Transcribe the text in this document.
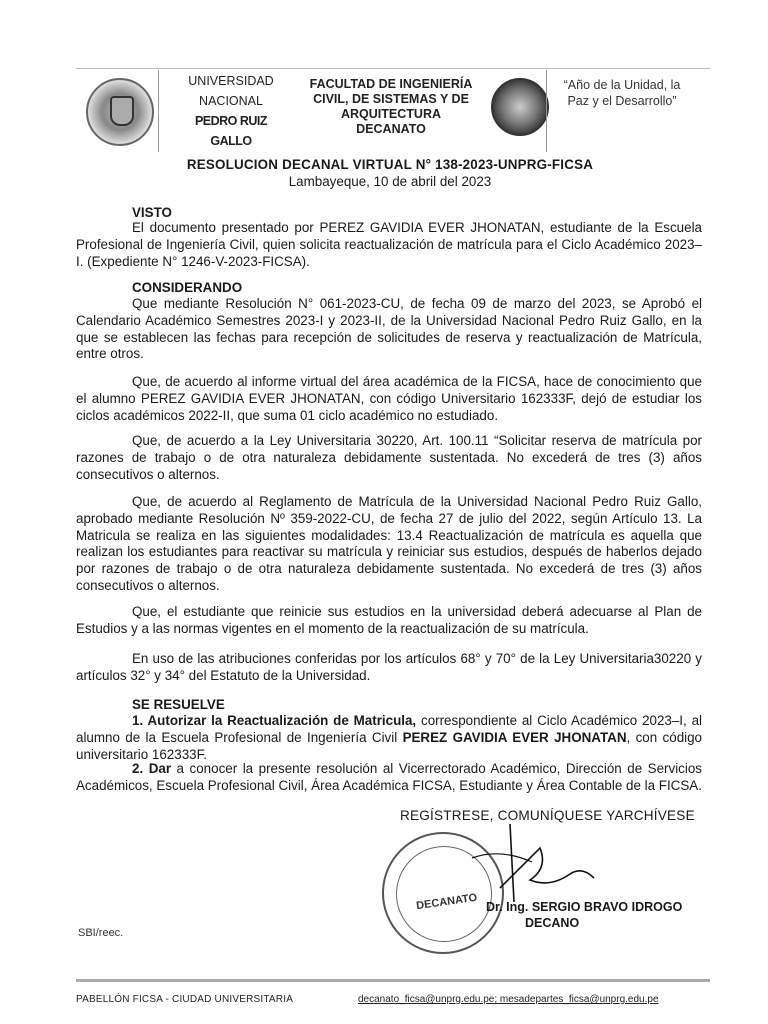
UNIVERSIDAD
NACIONAL
PEDRO RUIZ
GALLO
FACULTAD DE INGENIERÍA
CIVIL, DE SISTEMAS Y DE
ARQUITECTURA
DECANATO
“Año de la Unidad, la
Paz y el Desarrollo”
RESOLUCION DECANAL VIRTUAL N° 138-2023-UNPRG-FICSA
Lambayeque, 10 de abril del 2023
VISTO
El documento presentado por PEREZ GAVIDIA EVER JHONATAN, estudiante de la Escuela Profesional de Ingeniería Civil, quien solicita reactualización de matrícula para el Ciclo Académico 2023–I. (Expediente N° 1246-V-2023-FICSA).
CONSIDERANDO
Que mediante Resolución N° 061-2023-CU, de fecha 09 de marzo del 2023, se Aprobó el Calendario Académico Semestres 2023-I y 2023-II, de la Universidad Nacional Pedro Ruiz Gallo, en la que se establecen las fechas para recepción de solicitudes de reserva y reactualización de Matrícula, entre otros.
Que, de acuerdo al informe virtual del área académica de la FICSA, hace de conocimiento que el alumno PEREZ GAVIDIA EVER JHONATAN, con código Universitario 162333F, dejó de estudiar los ciclos académicos 2022-II, que suma 01 ciclo académico no estudiado.
Que, de acuerdo a la Ley Universitaria 30220, Art. 100.11 “Solicitar reserva de matrícula por razones de trabajo o de otra naturaleza debidamente sustentada. No excederá de tres (3) años consecutivos o alternos.
Que, de acuerdo al Reglamento de Matrícula de la Universidad Nacional Pedro Ruiz Gallo, aprobado mediante Resolución Nº 359-2022-CU, de fecha 27 de julio del 2022, según Artículo 13. La Matricula se realiza en las siguientes modalidades: 13.4 Reactualización de matrícula es aquella que realizan los estudiantes para reactivar su matrícula y reiniciar sus estudios, después de haberlos dejado por razones de trabajo o de otra naturaleza debidamente sustentada. No excederá de tres (3) años consecutivos o alternos.
Que, el estudiante que reinicie sus estudios en la universidad deberá adecuarse al Plan de Estudios y a las normas vigentes en el momento de la reactualización de su matrícula.
En uso de las atribuciones conferidas por los artículos 68° y 70° de la Ley Universitaria30220 y artículos 32° y 34° del Estatuto de la Universidad.
SE RESUELVE
1. Autorizar la Reactualización de Matricula, correspondiente al Ciclo Académico 2023–I, al alumno de la Escuela Profesional de Ingeniería Civil PEREZ GAVIDIA EVER JHONATAN, con código universitario 162333F.
2. Dar a conocer la presente resolución al Vicerrectorado Académico, Dirección de Servicios Académicos, Escuela Profesional Civil, Área Académica FICSA, Estudiante y Área Contable de la FICSA.
REGÍSTRESE, COMUNÍQUESE YARCHÍVESE
DECANATO Dr. Ing. SERGIO BRAVO IDROGO
DECANO
SBI/reec.
PABELLÓN FICSA - CIUDAD UNIVERSITARIA	decanato_ficsa@unprg.edu.pe; mesadepartes_ficsa@unprg.edu.pe
